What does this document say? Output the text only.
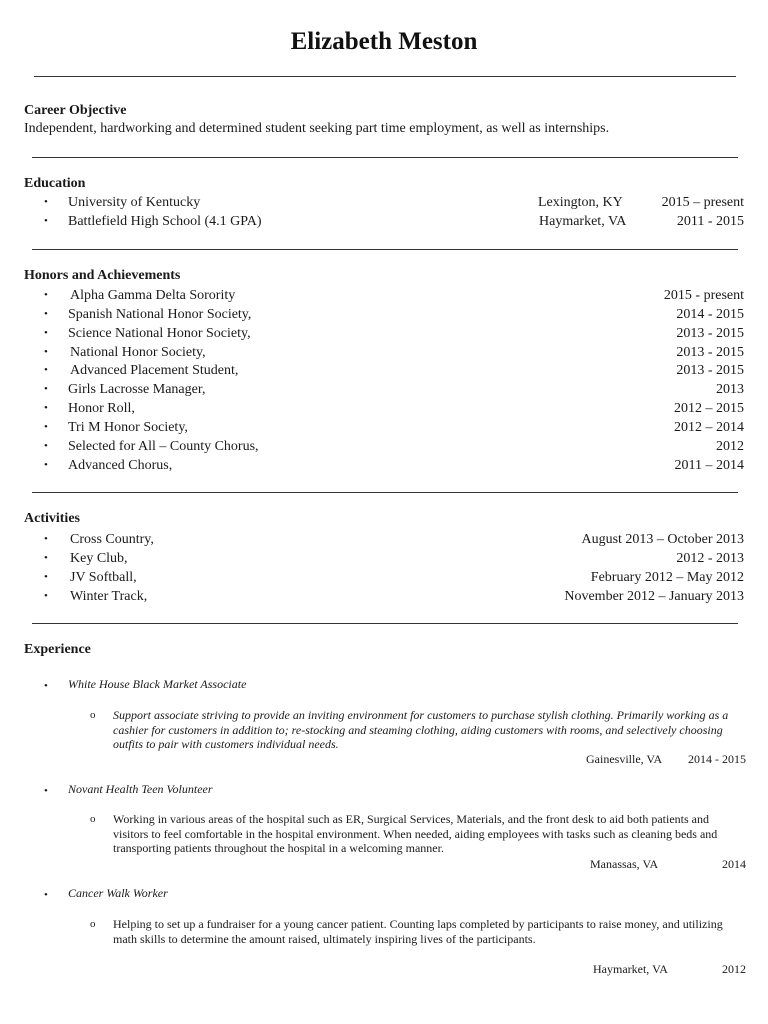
Elizabeth Meston
Career Objective
Independent, hardworking and determined student seeking part time employment, as well as internships.
Education
• University of Kentucky	Lexington, KY	2015 – present
• Battlefield High School (4.1 GPA)	Haymarket, VA	2011 - 2015
Honors and Achievements
• Alpha Gamma Delta Sorority	2015 - present
• Spanish National Honor Society,	2014 - 2015
• Science National Honor Society,	2013 - 2015
• National Honor Society,	2013 - 2015
• Advanced Placement Student,	2013 - 2015
• Girls Lacrosse Manager,	2013
• Honor Roll,	2012 – 2015
• Tri M Honor Society,	2012 – 2014
• Selected for All – County Chorus,	2012
• Advanced Chorus,	2011 – 2014
Activities
• Cross Country,	August 2013 – October 2013
• Key Club,	2012 - 2013
• JV Softball,	February 2012 – May 2012
• Winter Track,	November 2012 – January 2013
Experience
• White House Black Market Associate
o Support associate striving to provide an inviting environment for customers to purchase stylish clothing. Primarily working as a cashier for customers in addition to; re-stocking and steaming clothing, aiding customers with rooms, and selectively choosing outfits to pair with customers individual needs.
Gainesville, VA 2014 - 2015
• Novant Health Teen Volunteer
o Working in various areas of the hospital such as ER, Surgical Services, Materials, and the front desk to aid both patients and visitors to feel comfortable in the hospital environment. When needed, aiding employees with tasks such as cleaning beds and transporting patients throughout the hospital in a welcoming manner.
Manassas, VA	2014
• Cancer Walk Worker
o Helping to set up a fundraiser for a young cancer patient. Counting laps completed by participants to raise money, and utilizing math skills to determine the amount raised, ultimately inspiring lives of the participants.
Haymarket, VA	2012
